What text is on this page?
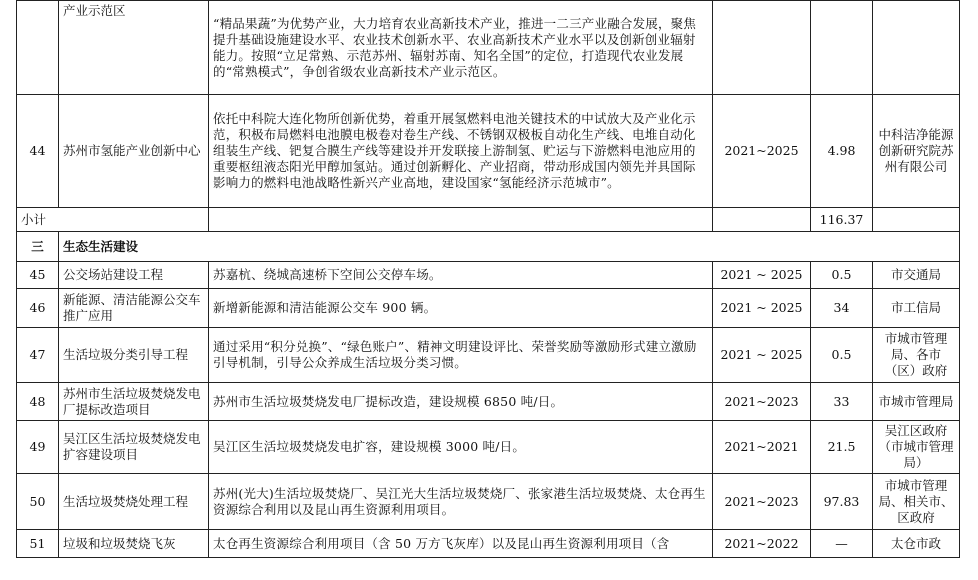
	产业示范区	“精品果蔬”为优势产业，大力培育农业高新技术产业，推进一二三产业融合发展，聚焦提升基础设施建设水平、农业技术创新水平、农业高新技术产业水平以及创新创业辐射能力。按照“立足常熟、示范苏州、辐射苏南、知名全国”的定位，打造现代农业发展的“常熟模式”，争创省级农业高新技术产业示范区。			
44	苏州市氢能产业创新中心	依托中科院大连化物所创新优势，着重开展氢燃料电池关键技术的中试放大及产业化示范，积极布局燃料电池膜电极卷对卷生产线、不锈钢双极板自动化生产线、电堆自动化组装生产线、钯复合膜生产线等建设并开发联接上游制氢、贮运与下游燃料电池应用的重要枢纽液态阳光甲醇加氢站。通过创新孵化、产业招商，带动形成国内领先并具国际影响力的燃料电池战略性新兴产业高地，建设国家“氢能经济示范城市”。	2021~2025	4.98	中科洁净能源创新研究院苏州有限公司
小计				116.37	
三	生态生活建设				
45	公交场站建设工程	苏嘉杭、绕城高速桥下空间公交停车场。	2021 ~ 2025	0.5	市交通局
46	新能源、清洁能源公交车推广应用	新增新能源和清洁能源公交车 900 辆。	2021 ~ 2025	34	市工信局
47	生活垃圾分类引导工程	通过采用“积分兑换”、“绿色账户”、精神文明建设评比、荣誉奖励等激励形式建立激励引导机制，引导公众养成生活垃圾分类习惯。	2021 ~ 2025	0.5	市城市管理局、各市（区）政府
48	苏州市生活垃圾焚烧发电厂提标改造项目	苏州市生活垃圾焚烧发电厂提标改造，建设规模 6850 吨/日。	2021~2023	33	市城市管理局
49	吴江区生活垃圾焚烧发电扩容建设项目	吴江区生活垃圾焚烧发电扩容，建设规模 3000 吨/日。	2021~2021	21.5	吴江区政府（市城市管理局）
50	生活垃圾焚烧处理工程	苏州(光大)生活垃圾焚烧厂、吴江光大生活垃圾焚烧厂、张家港生活垃圾焚烧、太仓再生资源综合利用以及昆山再生资源利用项目。	2021~2023	97.83	市城市管理局、相关市、区政府
51	垃圾和垃圾焚烧飞灰	太仓再生资源综合利用项目（含 50 万方飞灰库）以及昆山再生资源利用项目（含	2021~2022	—	太仓市政
